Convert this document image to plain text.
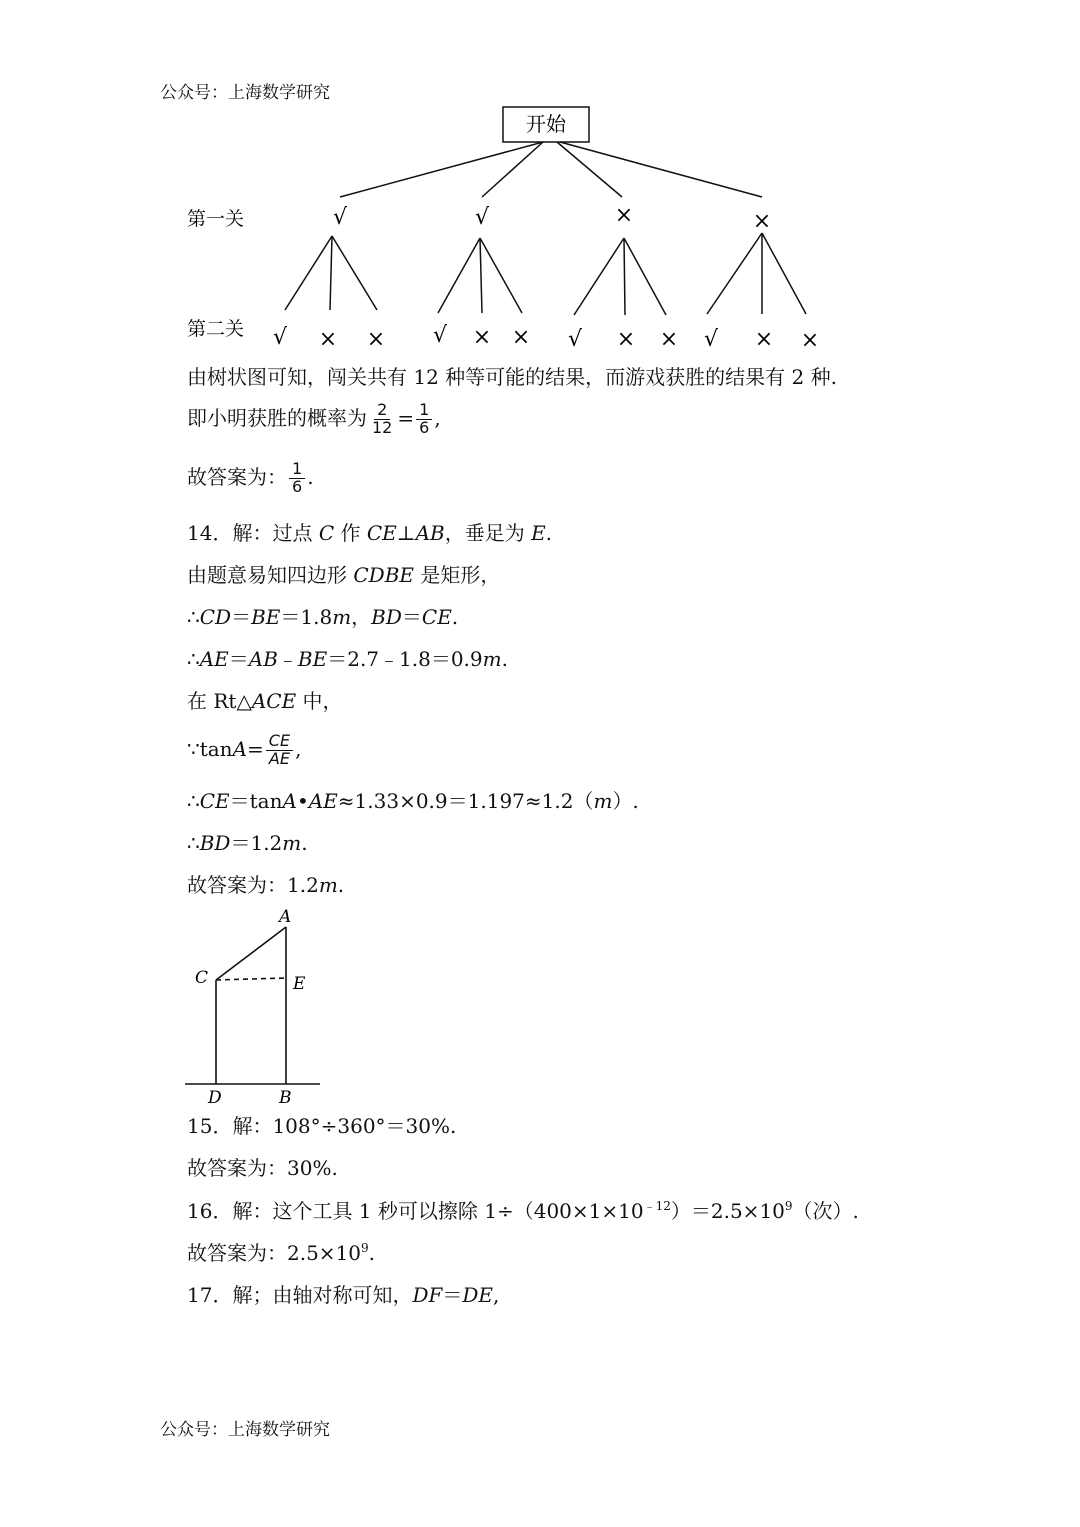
公众号：上海数学研究
开始
第一关
第二关
√	√	×	×
√ × × √ × × √ × × √ × ×
由树状图可知，闯关共有 12 种等可能的结果，而游戏获胜的结果有 2 种.
即小明获胜的概率为 $\frac{2}{12} = \frac{1}{6}$ ,
故答案为： $\frac{1}{6}$ .
14．解：过点 C 作 CE⊥AB，垂足为 E.
由题意易知四边形 CDBE 是矩形，
∴CD＝BE＝1.8m，BD＝CE.
∴AE＝AB﹣BE＝2.7﹣1.8＝0.9m.
在 Rt△ACE 中，
∵tanA= $\frac{CE}{AE}$ ,
∴CE＝tanA•AE≈1.33×0.9＝1.197≈1.2（m）.
∴BD＝1.2m.
故答案为：1.2m.
A
C	E
D	B
15．解：108°÷360°＝30%.
故答案为：30%.
16．解：这个工具 1 秒可以擦除 $1\div(400\times 1\times 10^{﹣12})=2.5\times 10^9$（次）.
故答案为：$2.5\times 10^9$.
17．解；由轴对称可知，DF＝DE,
公众号：上海数学研究
